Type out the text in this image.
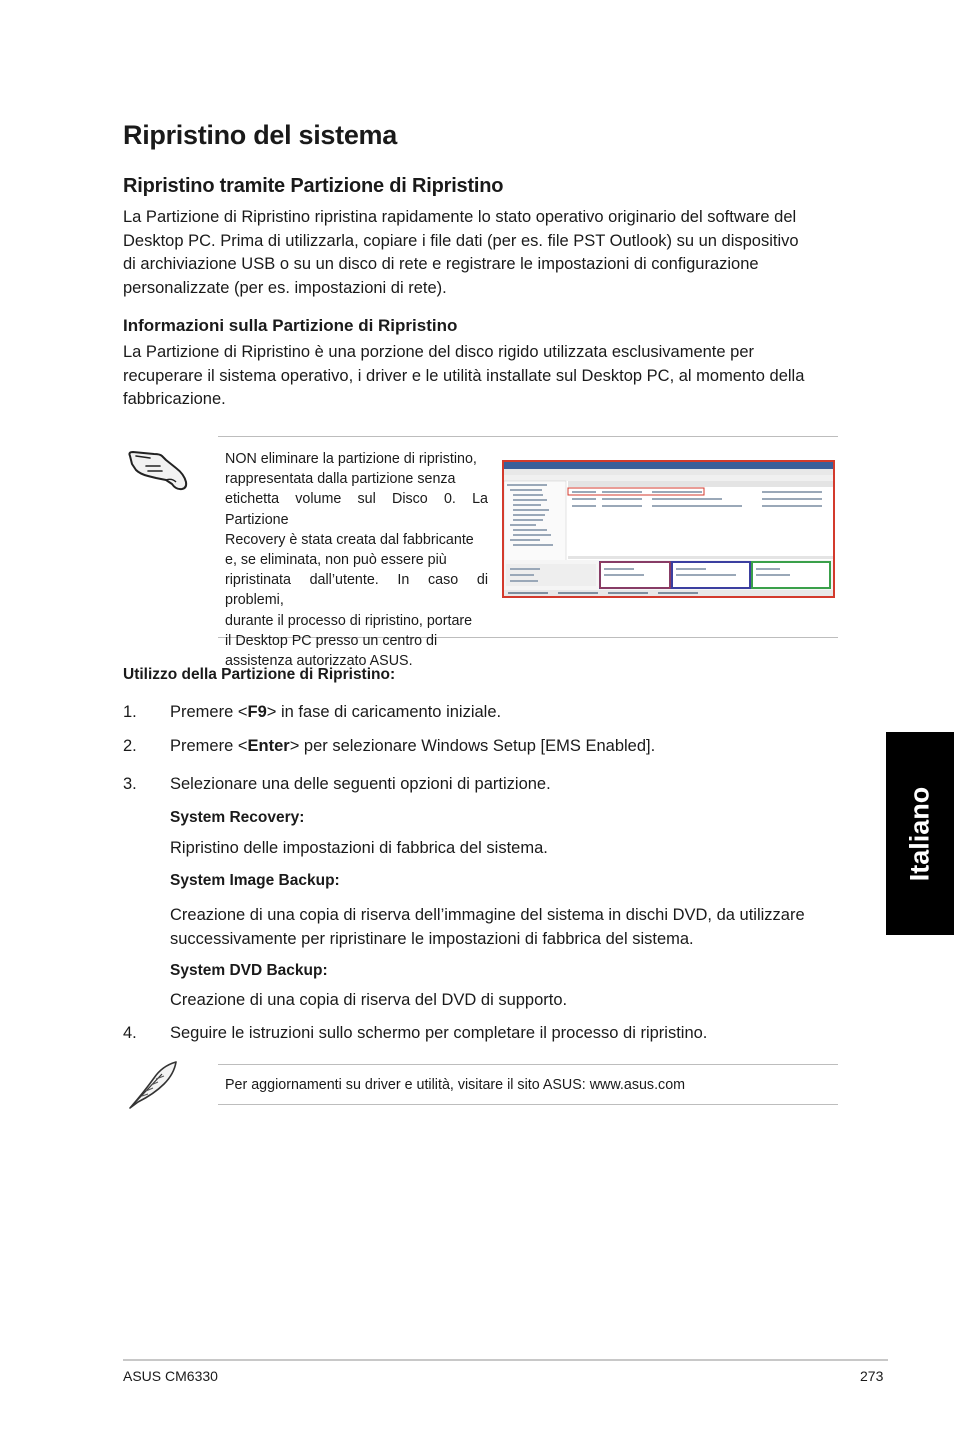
Ripristino del sistema
Ripristino tramite Partizione di Ripristino

La Partizione di Ripristino ripristina rapidamente lo stato operativo originario del software del

Desktop PC. Prima di utilizzarla, copiare i file dati (per es. file PST Outlook) su un dispositivo

di archiviazione USB o su un disco di rete e registrare le impostazioni di configurazione

personalizzate (per es. impostazioni di rete).

Informazioni sulla Partizione di Ripristino

La Partizione di Ripristino è una porzione del disco rigido utilizzata esclusivamente per

recuperare il sistema operativo, i driver e le utilità installate sul Desktop PC, al momento della

fabbricazione.

NON eliminare la partizione di ripristino,
rappresentata dalla partizione senza
etichetta volume sul Disco 0. La Partizione
Recovery è stata creata dal fabbricante
e, se eliminata, non può essere più
ripristinata dall’utente. In caso di problemi,
durante il processo di ripristino, portare
il Desktop PC presso un centro di
assistenza autorizzato ASUS.
Utilizzo della Partizione di Ripristino:
1.	Premere <F9> in fase di caricamento iniziale.
2.	Premere <Enter> per selezionare Windows Setup [EMS Enabled].
3.	Selezionare una delle seguenti opzioni di partizione.
System Recovery:
Ripristino delle impostazioni di fabbrica del sistema.
System Image Backup:

Creazione di una copia di riserva dell’immagine del sistema in dischi DVD, da utilizzare

successivamente per ripristinare le impostazioni di fabbrica del sistema.

System DVD Backup:
Creazione di una copia di riserva del DVD di supporto.
4.	Seguire le istruzioni sullo schermo per completare il processo di ripristino.
Per aggiornamenti su driver e utilità, visitare il sito ASUS: www.asus.com
Italiano
ASUS CM6330	273
